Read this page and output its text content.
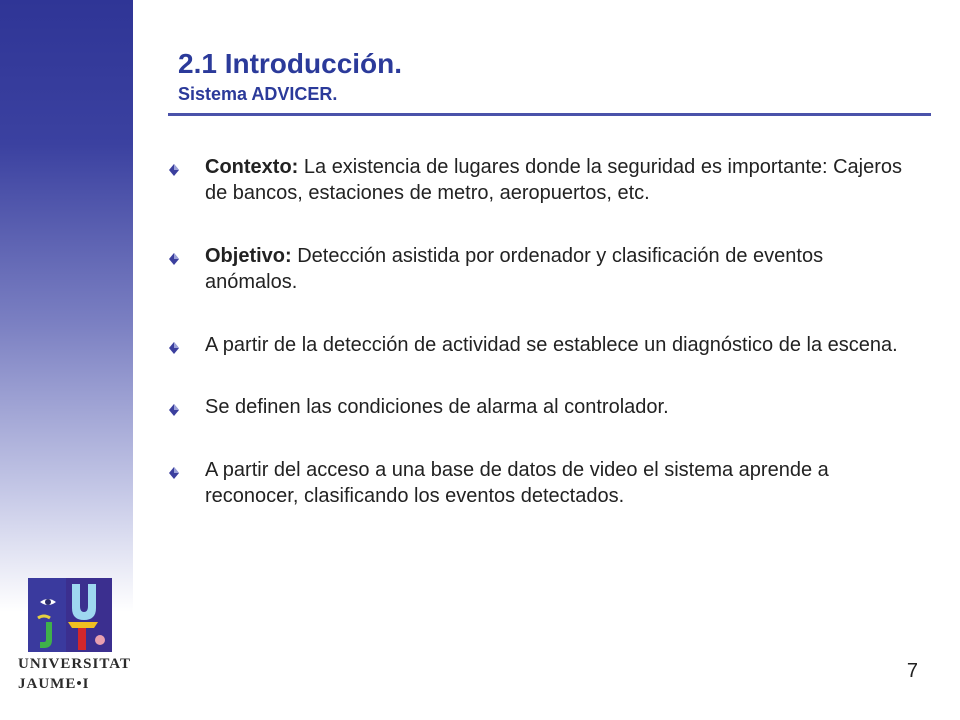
UNIVERSITAT
JAUME•I
2.1 Introducción.
Sistema ADVICER.
Contexto: La existencia de lugares donde la seguridad es importante: Cajeros de bancos, estaciones de metro, aeropuertos, etc.
Objetivo: Detección asistida por ordenador y clasificación de eventos anómalos.
A partir de la detección de actividad se establece un diagnóstico de la escena.
Se definen las condiciones de alarma al controlador.
A partir del acceso a una base de datos de video el sistema aprende a reconocer, clasificando los eventos detectados.
7
